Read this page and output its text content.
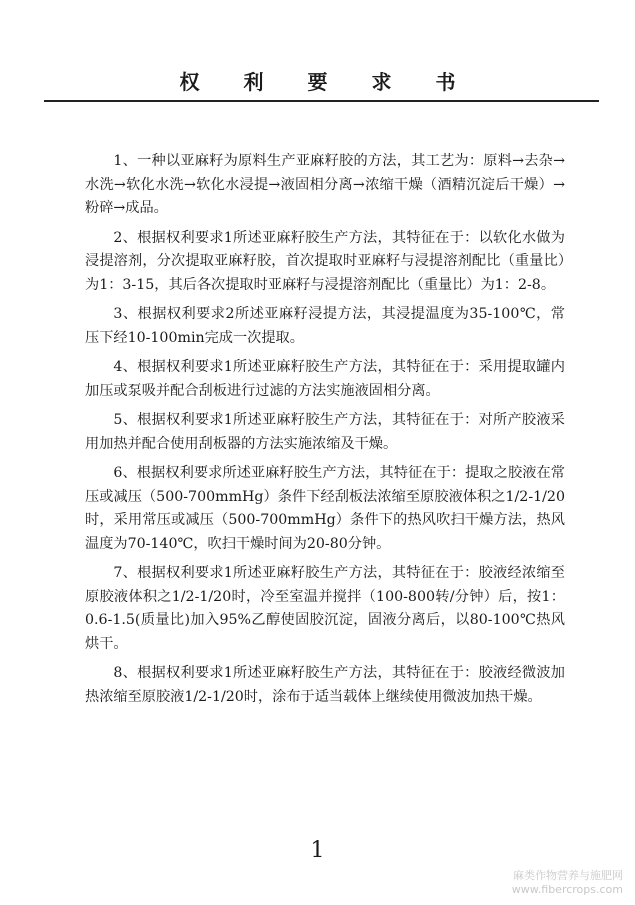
权 利 要 求 书

1、一种以亚麻籽为原料生产亚麻籽胶的方法，其工艺为：原料→去杂→水洗→软化水洗→软化水浸提→液固相分离→浓缩干燥（酒精沉淀后干燥）→粉碎→成品。

2、根据权利要求1所述亚麻籽胶生产方法，其特征在于：以软化水做为浸提溶剂，分次提取亚麻籽胶，首次提取时亚麻籽与浸提溶剂配比（重量比）为1：3-15，其后各次提取时亚麻籽与浸提溶剂配比（重量比）为1：2-8。

3、根据权利要求2所述亚麻籽浸提方法，其浸提温度为35-100℃，常压下经10-100min完成一次提取。

4、根据权利要求1所述亚麻籽胶生产方法，其特征在于：采用提取罐内加压或泵吸并配合刮板进行过滤的方法实施液固相分离。

5、根据权利要求1所述亚麻籽胶生产方法，其特征在于：对所产胶液采用加热并配合使用刮板器的方法实施浓缩及干燥。

6、根据权利要求所述亚麻籽胶生产方法，其特征在于：提取之胶液在常压或减压（500-700mmHg）条件下经刮板法浓缩至原胶液体积之1/2-1/20时，采用常压或减压（500-700mmHg）条件下的热风吹扫干燥方法，热风温度为70-140℃，吹扫干燥时间为20-80分钟。

7、根据权利要求1所述亚麻籽胶生产方法，其特征在于：胶液经浓缩至原胶液体积之1/2-1/20时，冷至室温并搅拌（100-800转/分钟）后，按1：0.6-1.5(质量比)加入95%乙醇使固胶沉淀，固液分离后，以80-100℃热风烘干。

8、根据权利要求1所述亚麻籽胶生产方法，其特征在于：胶液经微波加热浓缩至原胶液1/2-1/20时，涂布于适当载体上继续使用微波加热干燥。

1
麻类作物营养与施肥网
www.fibercrops.com
